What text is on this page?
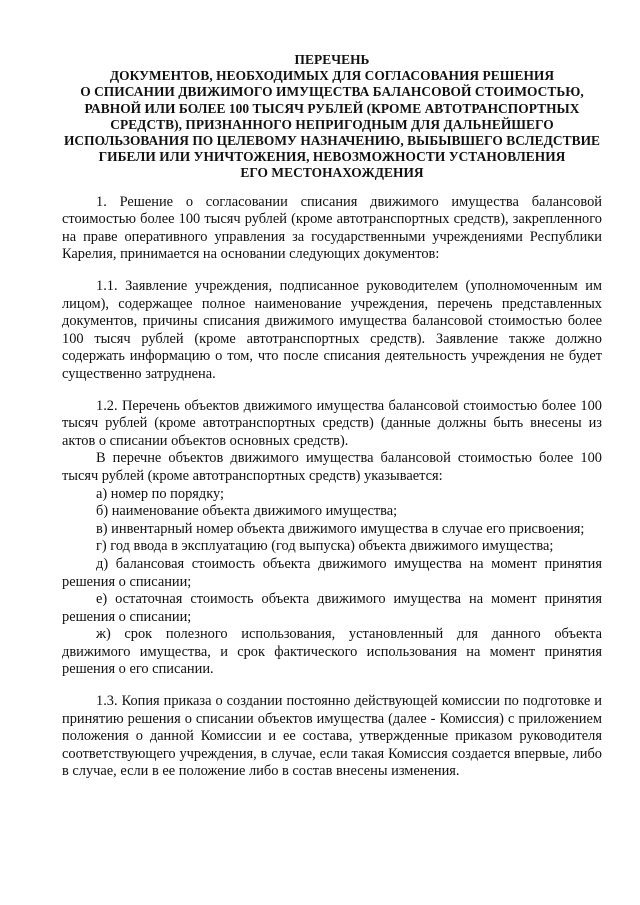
ПЕРЕЧЕНЬ
ДОКУМЕНТОВ, НЕОБХОДИМЫХ ДЛЯ СОГЛАСОВАНИЯ РЕШЕНИЯ
О СПИСАНИИ ДВИЖИМОГО ИМУЩЕСТВА БАЛАНСОВОЙ СТОИМОСТЬЮ,
РАВНОЙ ИЛИ БОЛЕЕ 100 ТЫСЯЧ РУБЛЕЙ (КРОМЕ АВТОТРАНСПОРТНЫХ
СРЕДСТВ), ПРИЗНАННОГО НЕПРИГОДНЫМ ДЛЯ ДАЛЬНЕЙШЕГО
ИСПОЛЬЗОВАНИЯ ПО ЦЕЛЕВОМУ НАЗНАЧЕНИЮ, ВЫБЫВШЕГО ВСЛЕДСТВИЕ
ГИБЕЛИ ИЛИ УНИЧТОЖЕНИЯ, НЕВОЗМОЖНОСТИ УСТАНОВЛЕНИЯ
ЕГО МЕСТОНАХОЖДЕНИЯ

1. Решение о согласовании списания движимого имущества балансовой стоимостью более 100 тысяч рублей (кроме автотранспортных средств), закрепленного на праве оперативного управления за государственными учреждениями Республики Карелия, принимается на основании следующих документов:

1.1. Заявление учреждения, подписанное руководителем (уполномоченным им лицом), содержащее полное наименование учреждения, перечень представленных документов, причины списания движимого имущества балансовой стоимостью более 100 тысяч рублей (кроме автотранспортных средств). Заявление также должно содержать информацию о том, что после списания деятельность учреждения не будет существенно затруднена.

1.2. Перечень объектов движимого имущества балансовой стоимостью более 100 тысяч рублей (кроме автотранспортных средств) (данные должны быть внесены из актов о списании объектов основных средств).

В перечне объектов движимого имущества балансовой стоимостью более 100 тысяч рублей (кроме автотранспортных средств) указывается:

а) номер по порядку;

б) наименование объекта движимого имущества;

в) инвентарный номер объекта движимого имущества в случае его присвоения;

г) год ввода в эксплуатацию (год выпуска) объекта движимого имущества;

д) балансовая стоимость объекта движимого имущества на момент принятия решения о списании;

е) остаточная стоимость объекта движимого имущества на момент принятия решения о списании;

ж) срок полезного использования, установленный для данного объекта движимого имущества, и срок фактического использования на момент принятия решения о его списании.

1.3. Копия приказа о создании постоянно действующей комиссии по подготовке и принятию решения о списании объектов имущества (далее - Комиссия) с приложением положения о данной Комиссии и ее состава, утвержденные приказом руководителя соответствующего учреждения, в случае, если такая Комиссия создается впервые, либо в случае, если в ее положение либо в состав внесены изменения.
